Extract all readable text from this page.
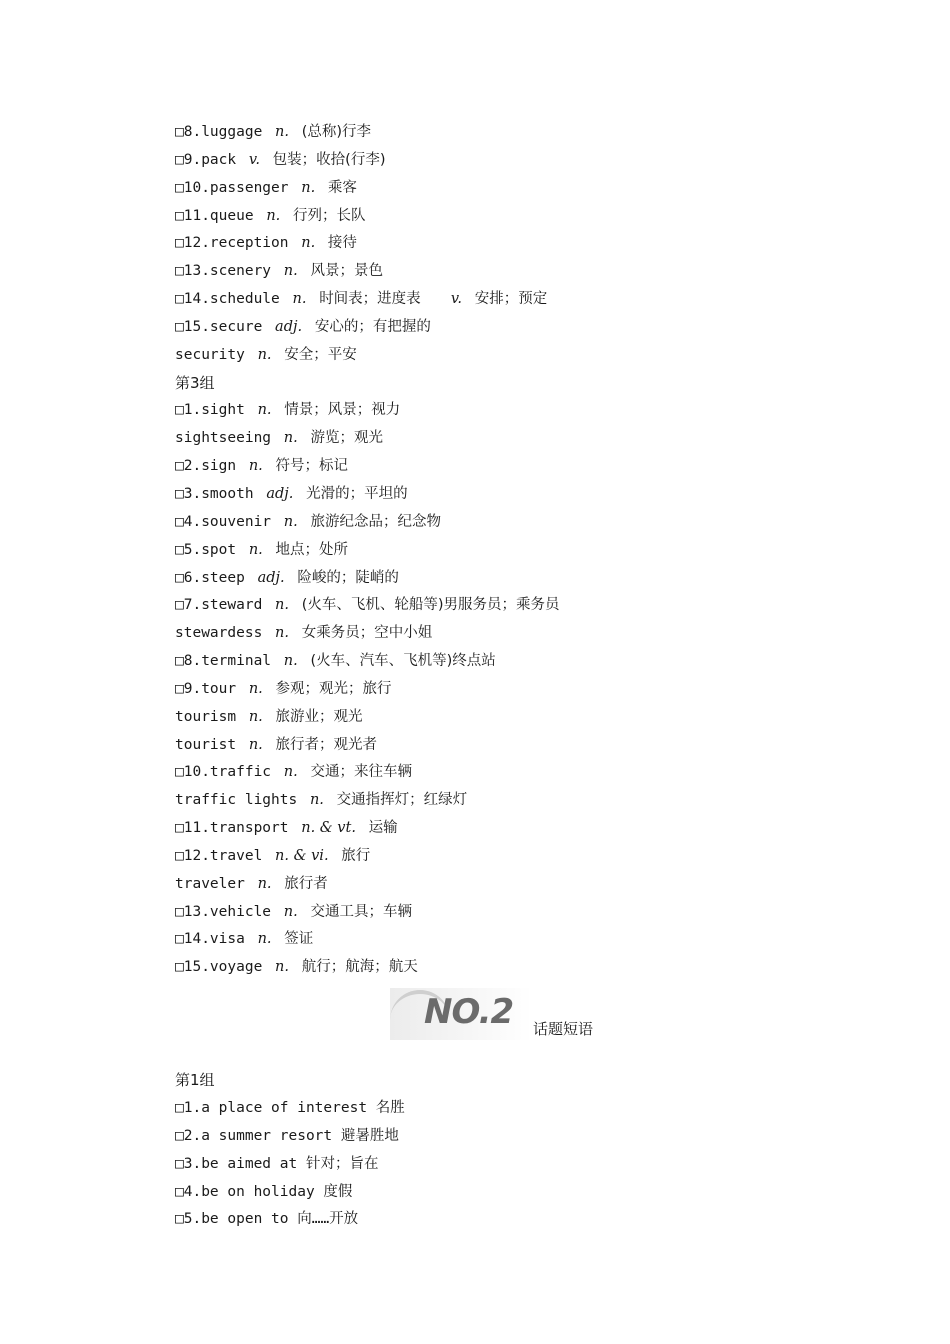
□8.luggage n. (总称)行李
□9.pack v. 包装；收拾(行李)
□10.passenger n. 乘客
□11.queue n. 行列；长队
□12.reception n. 接待
□13.scenery n. 风景；景色
□14.schedule n. 时间表；进度表 v. 安排；预定
□15.secure adj. 安心的；有把握的
security n. 安全；平安
第3组
□1.sight n. 情景；风景；视力
sightseeing n. 游览；观光
□2.sign n. 符号；标记
□3.smooth adj. 光滑的；平坦的
□4.souvenir n. 旅游纪念品；纪念物
□5.spot n. 地点；处所
□6.steep adj. 险峻的；陡峭的
□7.steward n. (火车、飞机、轮船等)男服务员；乘务员
stewardess n. 女乘务员；空中小姐
□8.terminal n. (火车、汽车、飞机等)终点站
□9.tour n. 参观；观光；旅行
tourism n. 旅游业；观光
tourist n. 旅行者；观光者
□10.traffic n. 交通；来往车辆
traffic lights n. 交通指挥灯；红绿灯
□11.transport n. & vt. 运输
□12.travel n. & vi. 旅行
traveler n. 旅行者
□13.vehicle n. 交通工具；车辆
□14.visa n. 签证
□15.voyage n. 航行；航海；航天
NO.2 话题短语
第1组
□1.a place of interest 名胜
□2.a summer resort 避暑胜地
□3.be aimed at 针对；旨在
□4.be on holiday 度假
□5.be open to 向……开放
